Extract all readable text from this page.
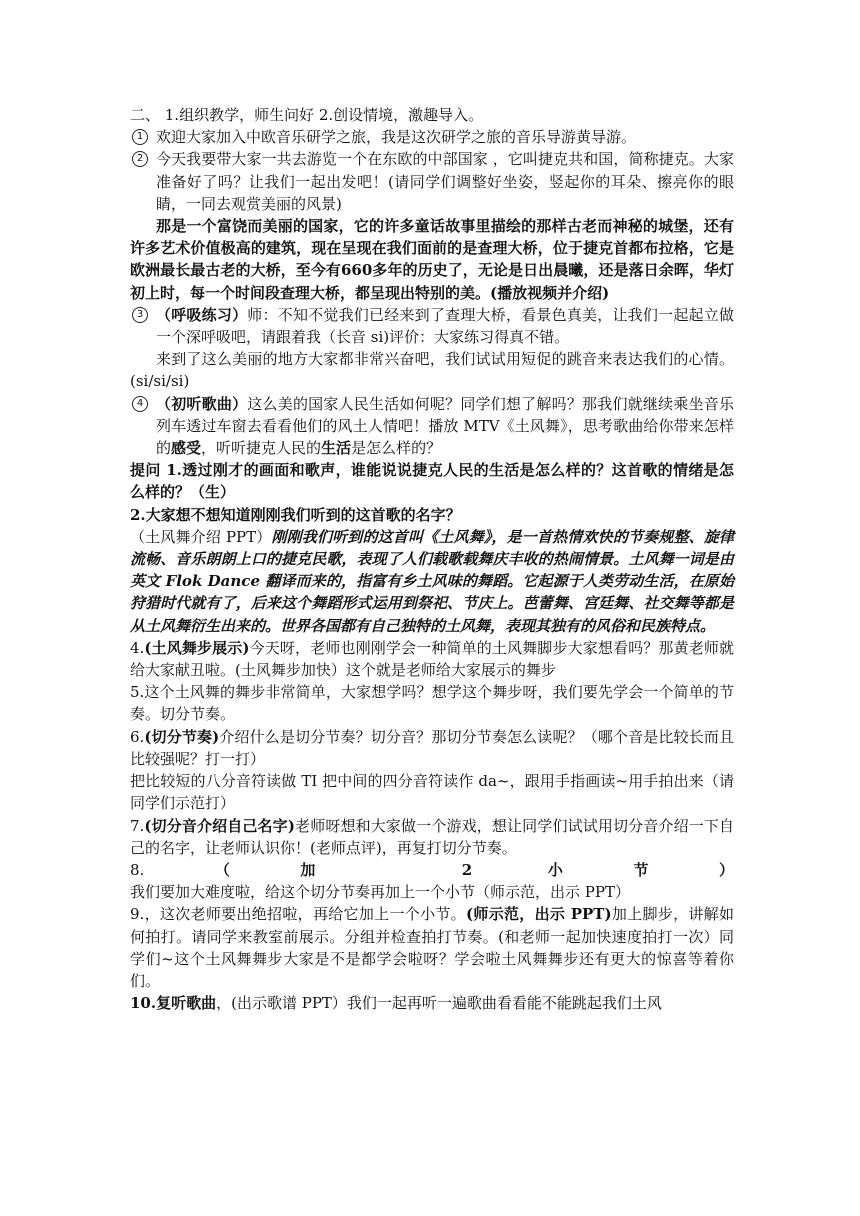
二、 1.组织教学，师生问好 2.创设情境，激趣导入。

1 欢迎大家加入中欧音乐研学之旅，我是这次研学之旅的音乐导游黄导游。

2 今天我要带大家一共去游览一个在东欧的中部国家 ，它叫捷克共和国，简称捷克。大家准备好了吗？让我们一起出发吧！(请同学们调整好坐姿，竖起你的耳朵、擦亮你的眼睛，一同去观赏美丽的风景)

那是一个富饶而美丽的国家，它的许多童话故事里描绘的那样古老而神秘的城堡，还有许多艺术价值极高的建筑，现在呈现在我们面前的是查理大桥，位于捷克首都布拉格，它是欧洲最长最古老的大桥，至今有660多年的历史了，无论是日出晨曦，还是落日余晖，华灯初上时，每一个时间段查理大桥，都呈现出特别的美。(播放视频并介绍)

3 （呼吸练习）师：不知不觉我们已经来到了查理大桥，看景色真美，让我们一起起立做一个深呼吸吧，请跟着我（长音 si)评价：大家练习得真不错。

来到了这么美丽的地方大家都非常兴奋吧，我们试试用短促的跳音来表达我们的心情。(si/si/si)

4 （初听歌曲）这么美的国家人民生活如何呢？同学们想了解吗？那我们就继续乘坐音乐列车透过车窗去看看他们的风土人情吧！播放 MTV《土风舞》，思考歌曲给你带来怎样的感受，听听捷克人民的生活是怎么样的？

提问 1.透过刚才的画面和歌声，谁能说说捷克人民的生活是怎么样的？这首歌的情绪是怎么样的？（生）

2.大家想不想知道刚刚我们听到的这首歌的名字？

（土风舞介绍 PPT）刚刚我们听到的这首叫《土风舞》，是一首热情欢快的节奏规整、旋律流畅、音乐朗朗上口的捷克民歌，表现了人们载歌载舞庆丰收的热闹情景。土风舞一词是由英文 Flok Dance 翻译而来的，指富有乡土风味的舞蹈。它起源于人类劳动生活，在原始狩猎时代就有了，后来这个舞蹈形式运用到祭祀、节庆上。芭蕾舞、宫廷舞、社交舞等都是从土风舞衍生出来的。世界各国都有自己独特的土风舞，表现其独有的风俗和民族特点。

4.(土风舞步展示)今天呀，老师也刚刚学会一种简单的土风舞脚步大家想看吗？那黄老师就给大家献丑啦。(土风舞步加快）这个就是老师给大家展示的舞步

5.这个土风舞的舞步非常简单，大家想学吗？想学这个舞步呀，我们要先学会一个简单的节奏。切分节奏。

6.(切分节奏)介绍什么是切分节奏？切分音？那切分节奏怎么读呢？（哪个音是比较长而且比较强呢？打一打）

把比较短的八分音符读做 TI 把中间的四分音符读作 da~，跟用手指画读~用手拍出来（请同学们示范打）

7.(切分音介绍自己名字)老师呀想和大家做一个游戏，想让同学们试试用切分音介绍一下自己的名字，让老师认识你！(老师点评)，再复打切分节奏。

8.（加 2 小节）我们要加大难度啦，给这个切分节奏再加上一个小节（师示范，出示 PPT）

9.，这次老师要出绝招啦，再给它加上一个小节。(师示范，出示 PPT)加上脚步，讲解如何拍打。请同学来教室前展示。分组并检查拍打节奏。(和老师一起加快速度拍打一次）同学们~这个土风舞舞步大家是不是都学会啦呀？学会啦土风舞舞步还有更大的惊喜等着你们。

10.复听歌曲，(出示歌谱 PPT）我们一起再听一遍歌曲看看能不能跳起我们土风
